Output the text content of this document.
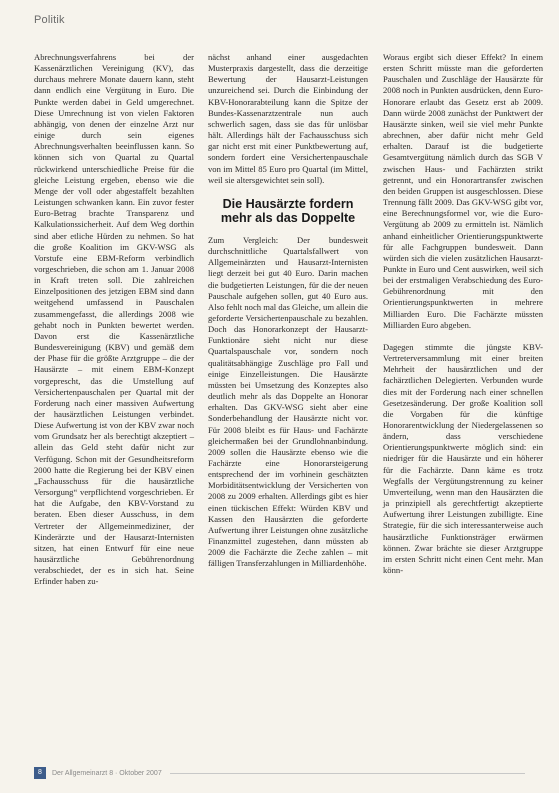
Politik

Abrechnungsverfahrens bei der Kassenärztlichen Vereinigung (KV), das durchaus mehrere Monate dauern kann, steht dann endlich eine Vergütung in Euro. Die Punkte werden dabei in Geld umgerechnet. Diese Umrechnung ist von vielen Faktoren abhängig, von denen der einzelne Arzt nur einige durch sein eigenes Abrechnungsverhalten beeinflussen kann. So können sich von Quartal zu Quartal rückwirkend unterschiedliche Preise für die gleiche Leistung ergeben, ebenso wie die Menge der voll oder abgestaffelt bezahlten Leistungen schwanken kann. Ein zuvor fester Euro-Betrag brachte Transparenz und Kalkulationssicherheit. Auf dem Weg dorthin sind aber etliche Hürden zu nehmen. So hat die große Koalition im GKV-WSG als Vorstufe eine EBM-Reform verbindlich vorgeschrieben, die schon am 1. Januar 2008 in Kraft treten soll. Die zahlreichen Einzelpositionen des jetzigen EBM sind dann weitgehend umfassend in Pauschalen zusammengefasst, die allerdings 2008 wie gehabt noch in Punkten bewertet werden. Davon erst die Kassenärztliche Bundesvereinigung (KBV) und gemäß dem der Phase für die größte Arztgruppe – die der Hausärzte – mit einem EBM-Konzept vorgeprescht, das die Umstellung auf Versichertenpauschalen per Quartal mit der Forderung nach einer massiven Aufwertung der hausärztlichen Leistungen verbindet. Diese Aufwertung ist von der KBV zwar noch vom Grundsatz her als berechtigt akzeptiert – allein das Geld steht dafür nicht zur Verfügung. Schon mit der Gesundheitsreform 2000 hatte die Regierung bei der KBV einen „Fachausschuss für die hausärztliche Versorgung“ verpflichtend vorgeschrieben. Er hat die Aufgabe, den KBV-Vorstand zu beraten. Eben dieser Ausschuss, in dem Vertreter der Allgemeinmediziner, der Kinderärzte und der Hausarzt-Internisten sitzen, hat einen Entwurf für eine neue hausärztliche Gebührenordnung verabschiedet, der es in sich hat. Seine Erfinder haben zu-

nächst anhand einer ausgedachten Musterpraxis dargestellt, dass die derzeitige Bewertung der Hausarzt-Leistungen unzureichend sei. Durch die Einbindung der KBV-Honorarabteilung kann die Spitze der Bundes-Kassenarztzentrale nun auch schwerlich sagen, dass sie das für unlösbar hält. Allerdings hält der Fachausschuss sich gar nicht erst mit einer Punktbewertung auf, sondern fordert eine Versichertenpauschale von im Mittel 85 Euro pro Quartal (im Mittel, weil sie altersgewichtet sein soll).

Die Hausärzte fordern mehr als das Doppelte

Zum Vergleich: Der bundesweit durchschnittliche Quartalsfallwert von Allgemeinärzten und Hausarzt-Internisten liegt derzeit bei gut 40 Euro. Darin machen die budgetierten Leistungen, für die der neuen Pauschale aufgehen sollen, gut 40 Euro aus. Also fehlt noch mal das Gleiche, um allein die geforderte Versichertenpauschale zu bezahlen. Doch das Honorarkonzept der Hausarzt-Funktionäre sieht nicht nur diese Quartalspauschale vor, sondern noch qualitätsabhängige Zuschläge pro Fall und einige Einzelleistungen. Die Hausärzte müssten bei Umsetzung des Konzeptes also deutlich mehr als das Doppelte an Honorar erhalten. Das GKV-WSG sieht aber eine Sonderbehandlung der Hausärzte nicht vor. Für 2008 bleibt es für Haus- und Fachärzte gleichermaßen bei der Grundlohnanbindung. 2009 sollen die Hausärzte ebenso wie die Fachärzte eine Honorarsteigerung entsprechend der im vorhinein geschätzten Morbiditätsentwicklung der Versicherten von 2008 zu 2009 erhalten. Allerdings gibt es hier einen tückischen Effekt: Würden KBV und Kassen den Hausärzten die geforderte Aufwertung ihrer Leistungen ohne zusätzliche Finanzmittel zugestehen, dann müssten ab 2009 die Fachärzte die Zeche zahlen – mit fälligen Transferzahlungen in Milliardenhöhe.

Woraus ergibt sich dieser Effekt? In einem ersten Schritt müsste man die geforderten Pauschalen und Zuschläge der Hausärzte für 2008 noch in Punkten ausdrücken, denn Euro-Honorare erlaubt das Gesetz erst ab 2009. Dann würde 2008 zunächst der Punktwert der Hausärzte sinken, weil sie viel mehr Punkte abrechnen, aber dafür nicht mehr Geld erhalten. Darauf ist die budgetierte Gesamtvergütung nämlich durch das SGB V zwischen Haus- und Fachärzten strikt getrennt, und ein Honorartransfer zwischen den beiden Gruppen ist ausgeschlossen. Diese Trennung fällt 2009. Das GKV-WSG gibt vor, eine Berechnungsformel vor, wie die Euro-Vergütung ab 2009 zu ermitteln ist. Nämlich anhand einheitlicher Orientierungspunktwerte für alle Fachgruppen bundesweit. Dann würden sich die vielen zusätzlichen Hausarzt-Punkte in Euro und Cent auswirken, weil sich bei der erstmaligen Verabschiedung des Euro-Gebührenordnung mit den Orientierungspunktwerten in mehrere Milliarden Euro. Die Fachärzte müssten Milliarden Euro abgeben.

Dagegen stimmte die jüngste KBV-Vertreterversammlung mit einer breiten Mehrheit der hausärztlichen und der fachärztlichen Delegierten. Verbunden wurde dies mit der Forderung nach einer schnellen Gesetzesänderung. Der große Koalition soll die Vorgaben für die künftige Honorarentwicklung der Niedergelassenen so ändern, dass verschiedene Orientierungspunktwerte möglich sind: ein niedriger für die Hausärzte und ein höherer für die Fachärzte. Dann käme es trotz Wegfalls der Vergütungstrennung zu keiner Umverteilung, wenn man den Hausärzten die ja prinzipiell als gerechtfertigt akzeptierte Aufwertung ihrer Leistungen zubilligte. Eine Strategie, für die sich interessanterweise auch hausärztliche Funktionsträger erwärmen können. Zwar brächte sie dieser Arztgruppe im ersten Schritt nicht einen Cent mehr. Man könn-

8	Der Allgemeinarzt 8 · Oktober 2007
